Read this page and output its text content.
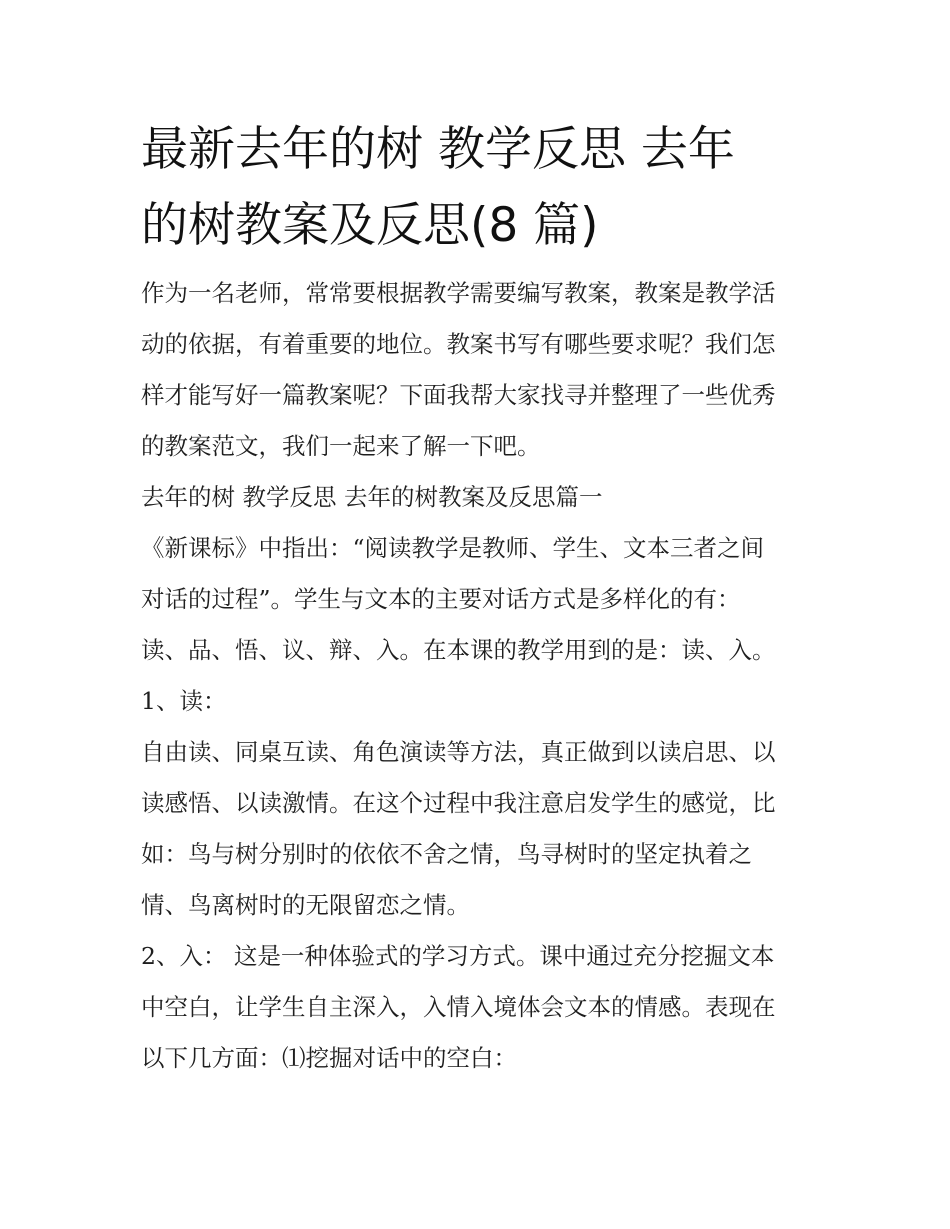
最新去年的树 教学反思 去年
的树教案及反思(8 篇)

作为一名老师，常常要根据教学需要编写教案，教案是教学活
动的依据，有着重要的地位。教案书写有哪些要求呢？我们怎
样才能写好一篇教案呢？下面我帮大家找寻并整理了一些优秀
的教案范文，我们一起来了解一下吧。

去年的树 教学反思 去年的树教案及反思篇一

《新课标》中指出：“阅读教学是教师、学生、文本三者之间
对话的过程”。学生与文本的主要对话方式是多样化的有：
读、品、悟、议、辩、入。在本课的教学用到的是：读、入。

1、读：

自由读、同桌互读、角色演读等方法，真正做到以读启思、以
读感悟、以读激情。在这个过程中我注意启发学生的感觉，比
如：鸟与树分别时的依依不舍之情，鸟寻树时的坚定执着之
情、鸟离树时的无限留恋之情。

2、入： 这是一种体验式的学习方式。课中通过充分挖掘文本
中空白，让学生自主深入，入情入境体会文本的情感。表现在
以下几方面：⑴挖掘对话中的空白：
